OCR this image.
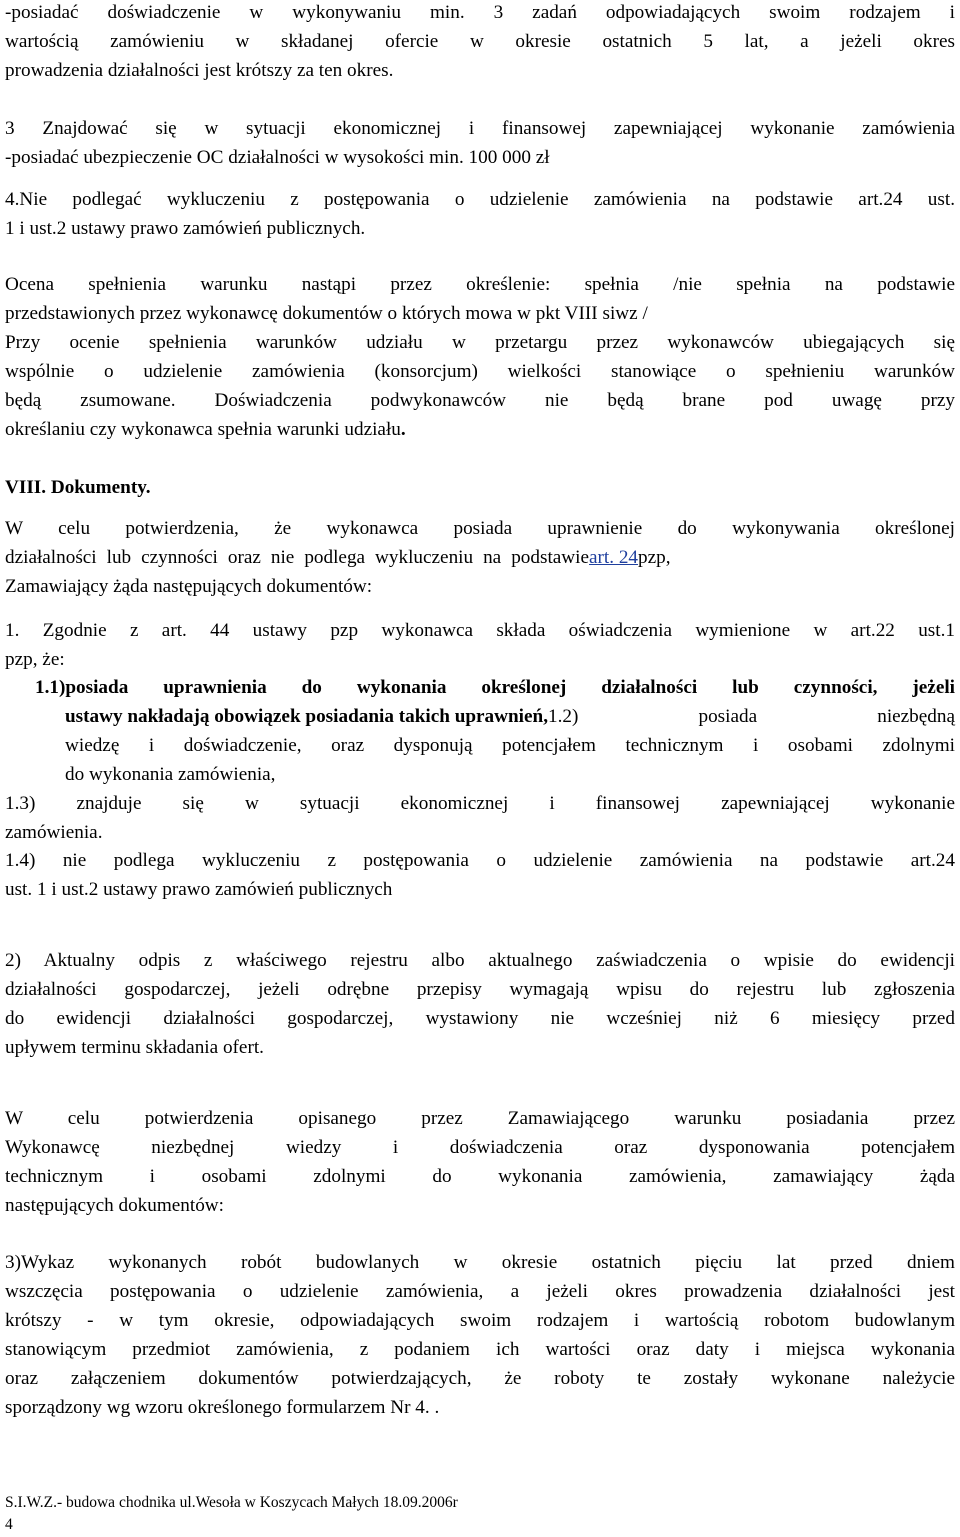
-posiadać doświadczenie w wykonywaniu min. 3 zadań odpowiadających swoim rodzajem i
wartością zamówieniu w składanej ofercie w okresie ostatnich 5 lat, a jeżeli okres
prowadzenia działalności jest krótszy za ten okres.
3 Znajdować się w sytuacji ekonomicznej i finansowej zapewniającej wykonanie zamówienia
-posiadać ubezpieczenie OC działalności w wysokości min. 100 000 zł
4.Nie podlegać wykluczeniu z postępowania o udzielenie zamówienia na podstawie art.24 ust.
1 i ust.2 ustawy prawo zamówień publicznych.
Ocena spełnienia warunku nastąpi przez określenie: spełnia /nie spełnia na podstawie
przedstawionych przez wykonawcę dokumentów o których mowa w pkt VIII siwz /
Przy ocenie spełnienia warunków udziału w przetargu przez wykonawców ubiegających się
wspólnie o udzielenie zamówienia (konsorcjum) wielkości stanowiące o spełnieniu warunków
będą zsumowane. Doświadczenia podwykonawców nie będą brane pod uwagę przy
określaniu czy wykonawca spełnia warunki udziału.
VIII. Dokumenty.
W celu potwierdzenia, że wykonawca posiada uprawnienie do wykonywania określonej
działalności lub czynności oraz nie podlega wykluczeniu na podstawie art. 24 pzp,
Zamawiający żąda następujących dokumentów:
1. Zgodnie z art. 44 ustawy pzp wykonawca składa oświadczenia wymienione w art.22 ust.1
pzp, że:
1.1)posiada uprawnienia do wykonania określonej działalności lub czynności, jeżeli
ustawy nakładają obowiązek posiadania takich uprawnień, 1.2) posiada niezbędną
wiedzę i doświadczenie, oraz dysponują potencjałem technicznym i osobami zdolnymi
do wykonania zamówienia,
1.3) znajduje się w sytuacji ekonomicznej i finansowej zapewniającej wykonanie
zamówienia.
1.4) nie podlega wykluczeniu z postępowania o udzielenie zamówienia na podstawie art.24
ust. 1 i ust.2 ustawy prawo zamówień publicznych
2) Aktualny odpis z właściwego rejestru albo aktualnego zaświadczenia o wpisie do ewidencji
działalności gospodarczej, jeżeli odrębne przepisy wymagają wpisu do rejestru lub zgłoszenia
do ewidencji działalności gospodarczej, wystawiony nie wcześniej niż 6 miesięcy przed
upływem terminu składania ofert.
W celu potwierdzenia opisanego przez Zamawiającego warunku posiadania przez
Wykonawcę niezbędnej wiedzy i doświadczenia oraz dysponowania potencjałem
technicznym i osobami zdolnymi do wykonania zamówienia, zamawiający żąda
następujących dokumentów:
3)Wykaz wykonanych robót budowlanych w okresie ostatnich pięciu lat przed dniem
wszczęcia postępowania o udzielenie zamówienia, a jeżeli okres prowadzenia działalności jest
krótszy - w tym okresie, odpowiadających swoim rodzajem i wartością robotom budowlanym
stanowiącym przedmiot zamówienia, z podaniem ich wartości oraz daty i miejsca wykonania
oraz załączeniem dokumentów potwierdzających, że roboty te zostały wykonane należycie
sporządzony wg wzoru określonego formularzem Nr 4. .
S.I.W.Z.- budowa chodnika ul.Wesoła w Koszycach Małych 18.09.2006r
4
